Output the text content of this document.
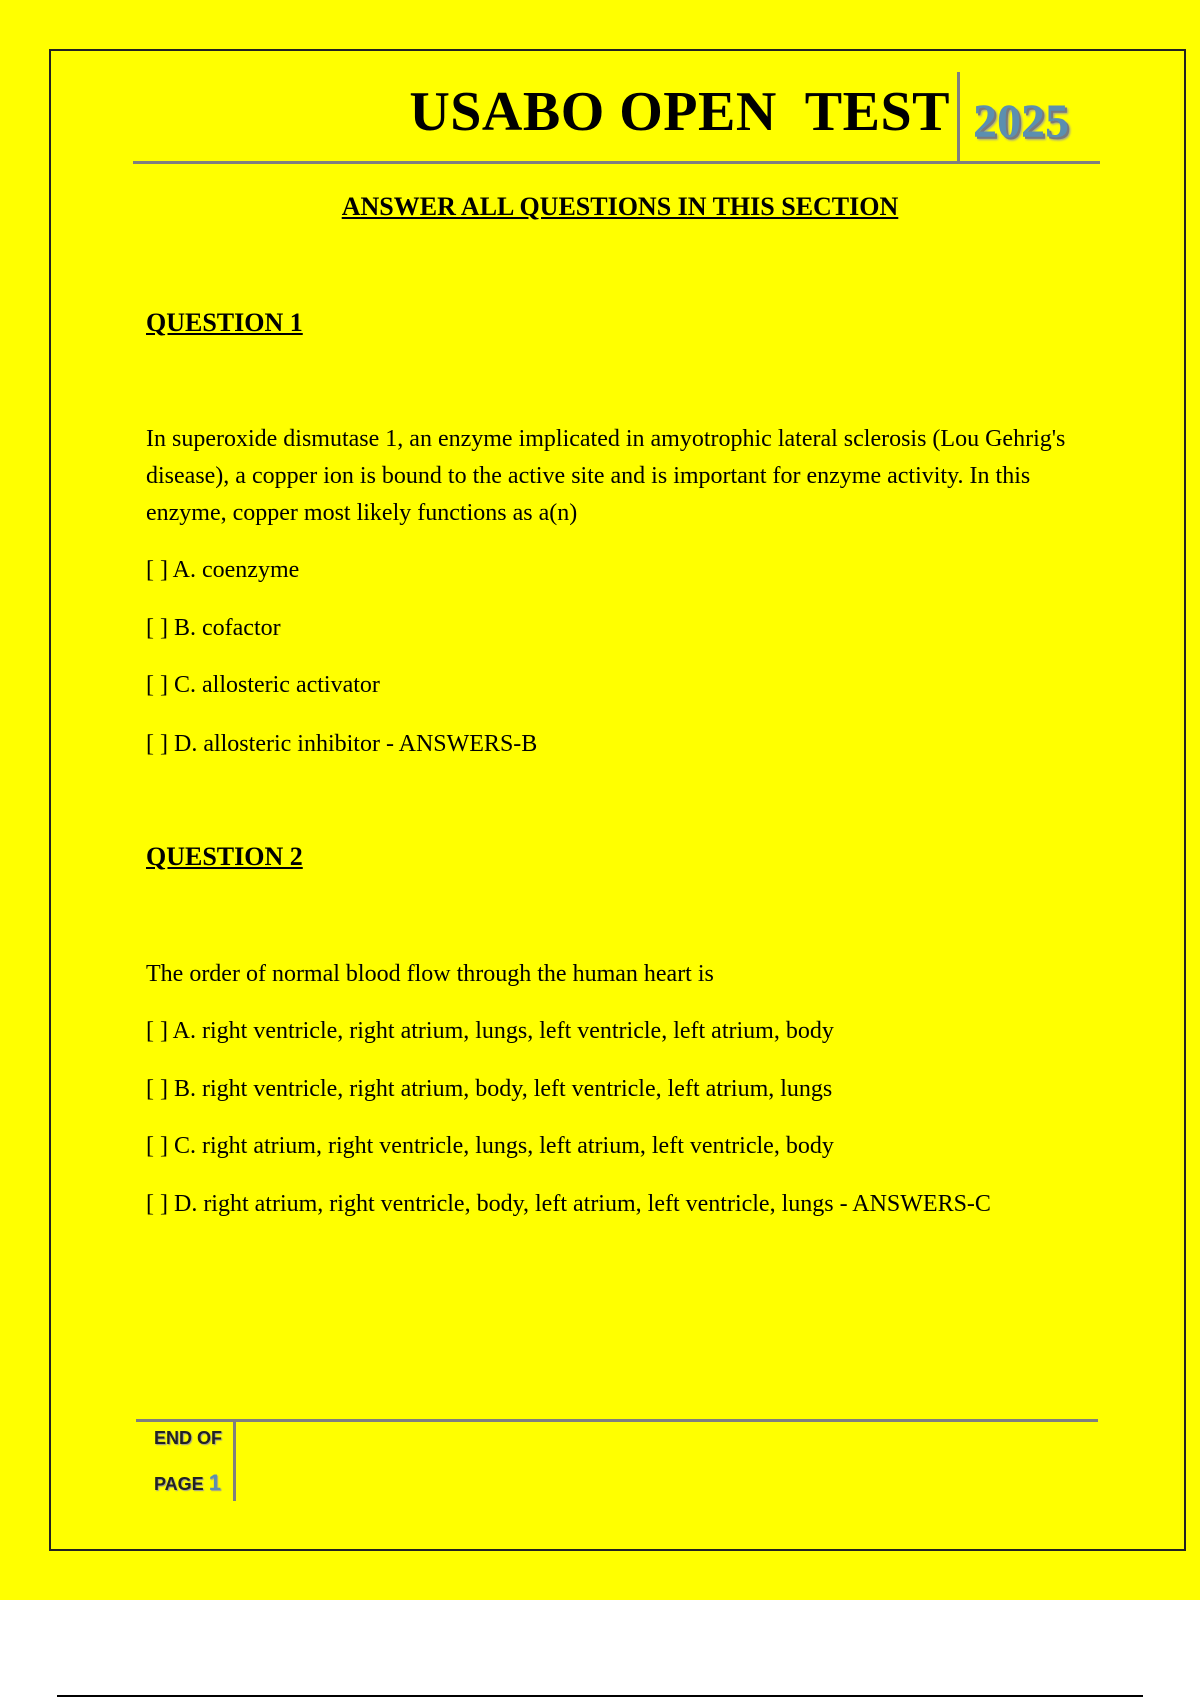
USABO OPEN  TEST 2025
ANSWER ALL QUESTIONS IN THIS SECTION
QUESTION 1
In superoxide dismutase 1, an enzyme implicated in amyotrophic lateral sclerosis (Lou Gehrig's disease), a copper ion is bound to the active site and is important for enzyme activity. In this enzyme, copper most likely functions as a(n)
[ ] A. coenzyme
[ ] B. cofactor
[ ] C. allosteric activator
[ ] D. allosteric inhibitor - ANSWERS-B
QUESTION 2
The order of normal blood flow through the human heart is
[ ] A. right ventricle, right atrium, lungs, left ventricle, left atrium, body
[ ] B. right ventricle, right atrium, body, left ventricle, left atrium, lungs
[ ] C. right atrium, right ventricle, lungs, left atrium, left ventricle, body
[ ] D. right atrium, right ventricle, body, left atrium, left ventricle, lungs - ANSWERS-C
END OF
PAGE 1
